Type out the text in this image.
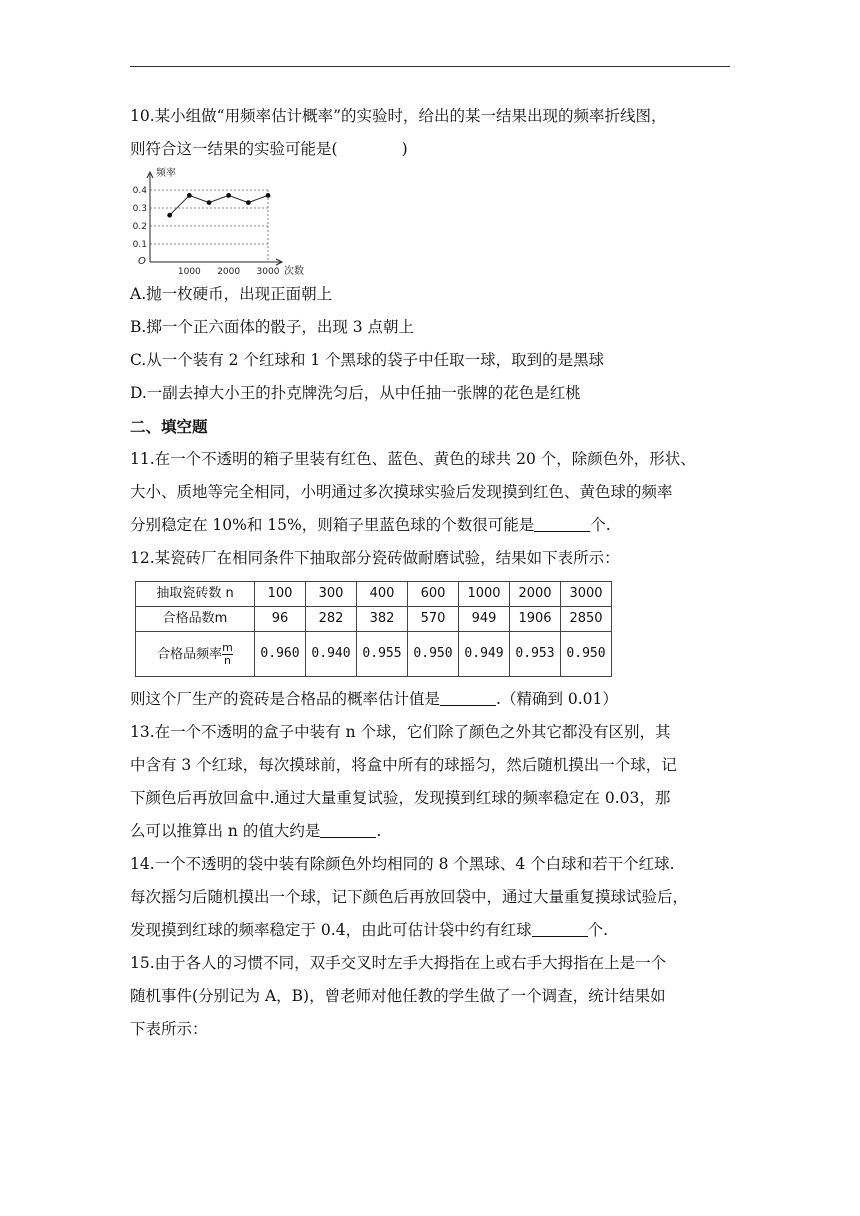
10.某小组做“用频率估计概率”的实验时，给出的某一结果出现的频率折线图，
则符合这一结果的实验可能是(	)
0.4
0.3
0.2
0.1
频率
次数
O
1000 2000 3000
A.抛一枚硬币，出现正面朝上
B.掷一个正六面体的骰子，出现 3 点朝上
C.从一个装有 2 个红球和 1 个黑球的袋子中任取一球，取到的是黑球
D.一副去掉大小王的扑克牌洗匀后，从中任抽一张牌的花色是红桃
二、填空题
11.在一个不透明的箱子里装有红色、蓝色、黄色的球共 20 个，除颜色外，形状、
大小、质地等完全相同，小明通过多次摸球实验后发现摸到红色、黄色球的频率
分别稳定在 10%和 15%，则箱子里蓝色球的个数很可能是	个.
12.某瓷砖厂在相同条件下抽取部分瓷砖做耐磨试验，结果如下表所示：
抽取瓷砖数 n	100	300	400	600	1000	2000	3000
合格品数m	96	282	382	570	949	1906	2850
合格品频率 $\frac{m}{n}$	0.960	0.940	0.955	0.950	0.949	0.953	0.950
则这个厂生产的瓷砖是合格品的概率估计值是	.（精确到 0.01）
13.在一个不透明的盒子中装有 n 个球，它们除了颜色之外其它都没有区别，其
中含有 3 个红球，每次摸球前，将盒中所有的球摇匀，然后随机摸出一个球，记
下颜色后再放回盒中.通过大量重复试验，发现摸到红球的频率稳定在 0.03，那
么可以推算出 n 的值大约是	.
14.一个不透明的袋中装有除颜色外均相同的 8 个黑球、4 个白球和若干个红球.
每次摇匀后随机摸出一个球，记下颜色后再放回袋中，通过大量重复摸球试验后，
发现摸到红球的频率稳定于 0.4，由此可估计袋中约有红球	个.
15.由于各人的习惯不同，双手交叉时左手大拇指在上或右手大拇指在上是一个
随机事件(分别记为 A，B)，曾老师对他任教的学生做了一个调查，统计结果如
下表所示：
